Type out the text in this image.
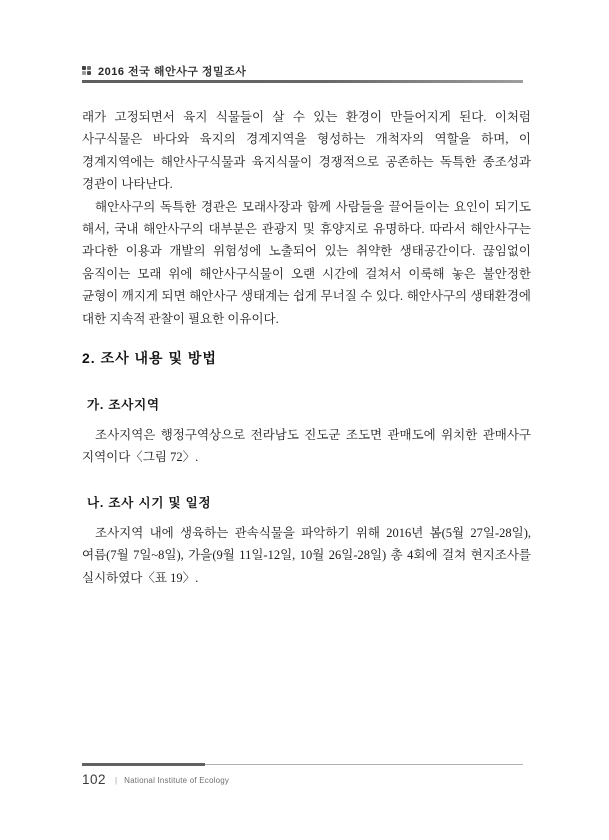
2016 전국 해안사구 정밀조사

래가 고정되면서 육지 식물들이 살 수 있는 환경이 만들어지게 된다. 이처럼 사구식물은 바다와 육지의 경계지역을 형성하는 개척자의 역할을 하며, 이 경계지역에는 해안사구식물과 육지식물이 경쟁적으로 공존하는 독특한 종조성과 경관이 나타난다.

해안사구의 독특한 경관은 모래사장과 함께 사람들을 끌어들이는 요인이 되기도 해서, 국내 해안사구의 대부분은 관광지 및 휴양지로 유명하다. 따라서 해안사구는 과다한 이용과 개발의 위험성에 노출되어 있는 취약한 생태공간이다. 끊임없이 움직이는 모래 위에 해안사구식물이 오랜 시간에 걸쳐서 이룩해 놓은 불안정한 균형이 깨지게 되면 해안사구 생태계는 쉽게 무너질 수 있다. 해안사구의 생태환경에 대한 지속적 관찰이 필요한 이유이다.

2. 조사 내용 및 방법
가. 조사지역

조사지역은 행정구역상으로 전라남도 진도군 조도면 관매도에 위치한 관매사구 지역이다〈그림 72〉.

나. 조사 시기 및 일정

조사지역 내에 생육하는 관속식물을 파악하기 위해 2016년 봄(5월 27일-28일), 여름(7월 7일~8일), 가을(9월 11일-12일, 10월 26일-28일) 총 4회에 걸쳐 현지조사를 실시하였다〈표 19〉.

102 | National Institute of Ecology
